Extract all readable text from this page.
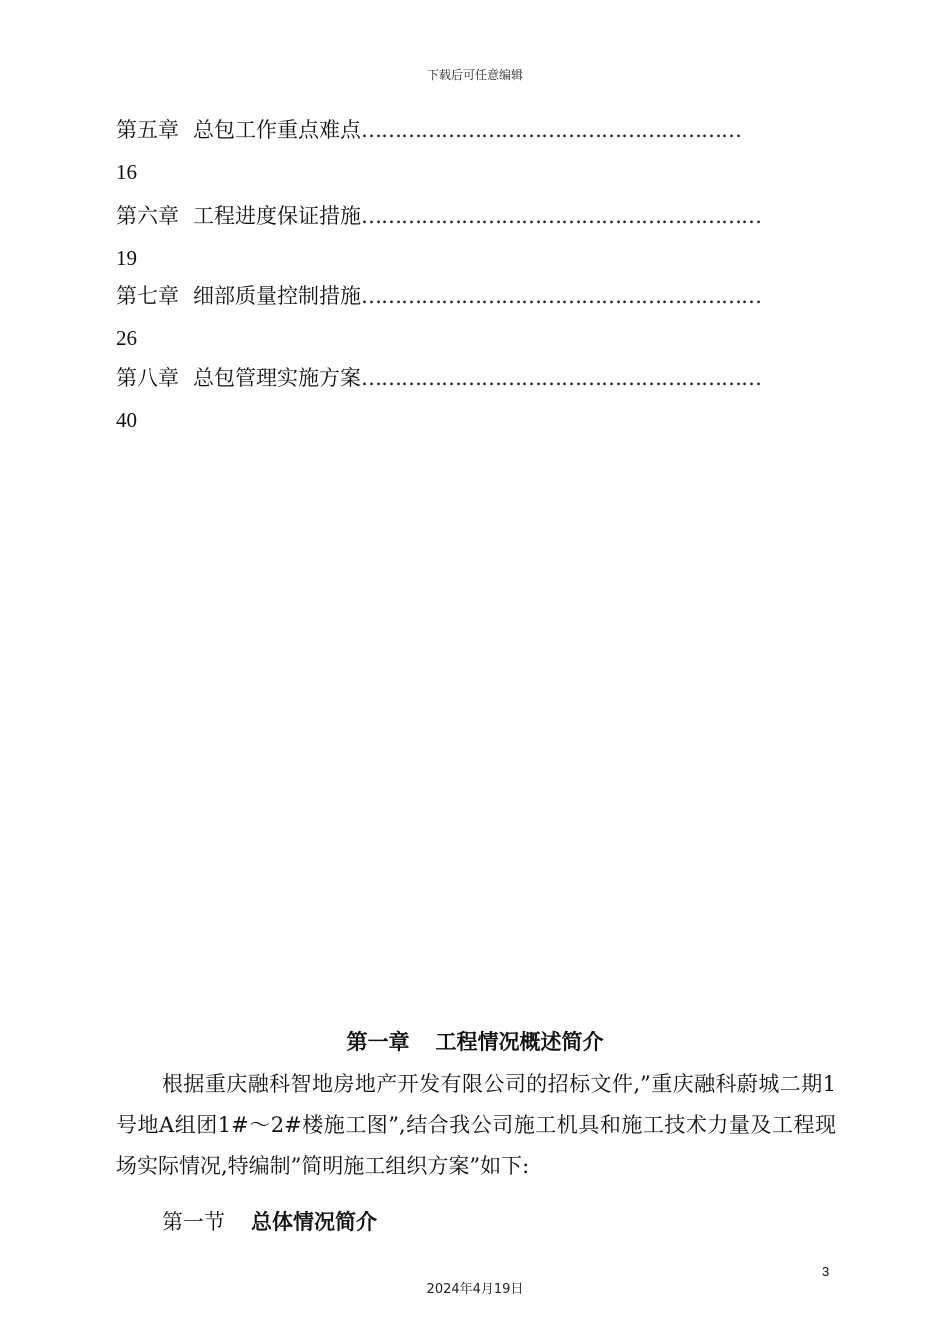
下载后可任意编辑
第五章 总包工作重点难点…………………………………………………
16
第六章 工程进度保证措施……………………………………………………
19
第七章 细部质量控制措施……………………………………………………
26
第八章 总包管理实施方案……………………………………………………
40
第一章 工程情况概述简介
根据重庆融科智地房地产开发有限公司的招标文件,”重庆融科蔚城二期1号地A组团1#～2#楼施工图”,结合我公司施工机具和施工技术力量及工程现场实际情况,特编制”简明施工组织方案”如下:
第一节 总体情况简介
3
2024年4月19日
